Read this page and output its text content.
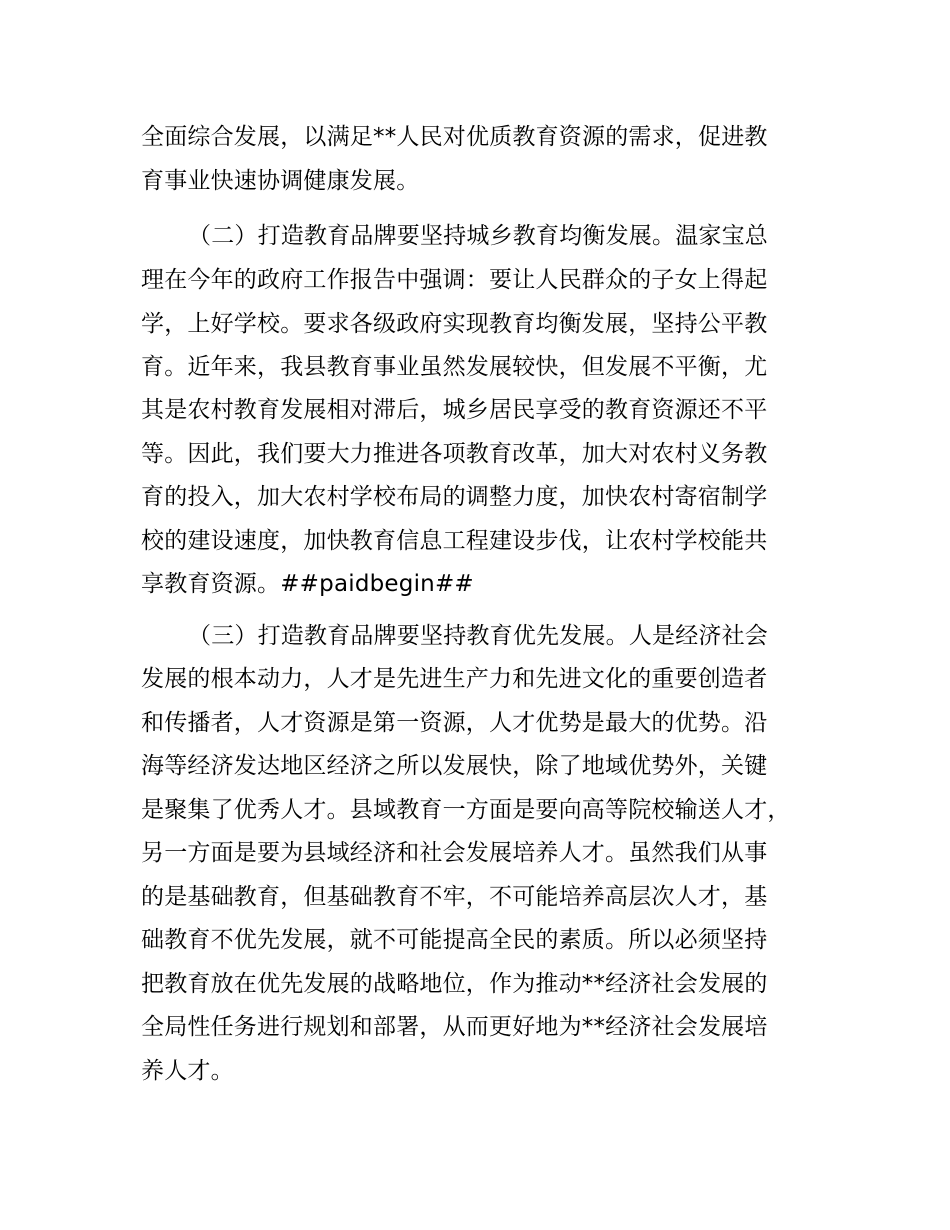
全面综合发展，以满足**人民对优质教育资源的需求，促进教
育事业快速协调健康发展。
（二）打造教育品牌要坚持城乡教育均衡发展。温家宝总
理在今年的政府工作报告中强调：要让人民群众的子女上得起
学，上好学校。要求各级政府实现教育均衡发展，坚持公平教
育。近年来，我县教育事业虽然发展较快，但发展不平衡，尤
其是农村教育发展相对滞后，城乡居民享受的教育资源还不平
等。因此，我们要大力推进各项教育改革，加大对农村义务教
育的投入，加大农村学校布局的调整力度，加快农村寄宿制学
校的建设速度，加快教育信息工程建设步伐，让农村学校能共
享教育资源。##paidbegin##
（三）打造教育品牌要坚持教育优先发展。人是经济社会
发展的根本动力，人才是先进生产力和先进文化的重要创造者
和传播者，人才资源是第一资源，人才优势是最大的优势。沿
海等经济发达地区经济之所以发展快，除了地域优势外，关键
是聚集了优秀人才。县域教育一方面是要向高等院校输送人才，
另一方面是要为县域经济和社会发展培养人才。虽然我们从事
的是基础教育，但基础教育不牢，不可能培养高层次人才，基
础教育不优先发展，就不可能提高全民的素质。所以必须坚持
把教育放在优先发展的战略地位，作为推动**经济社会发展的
全局性任务进行规划和部署，从而更好地为**经济社会发展培
养人才。
